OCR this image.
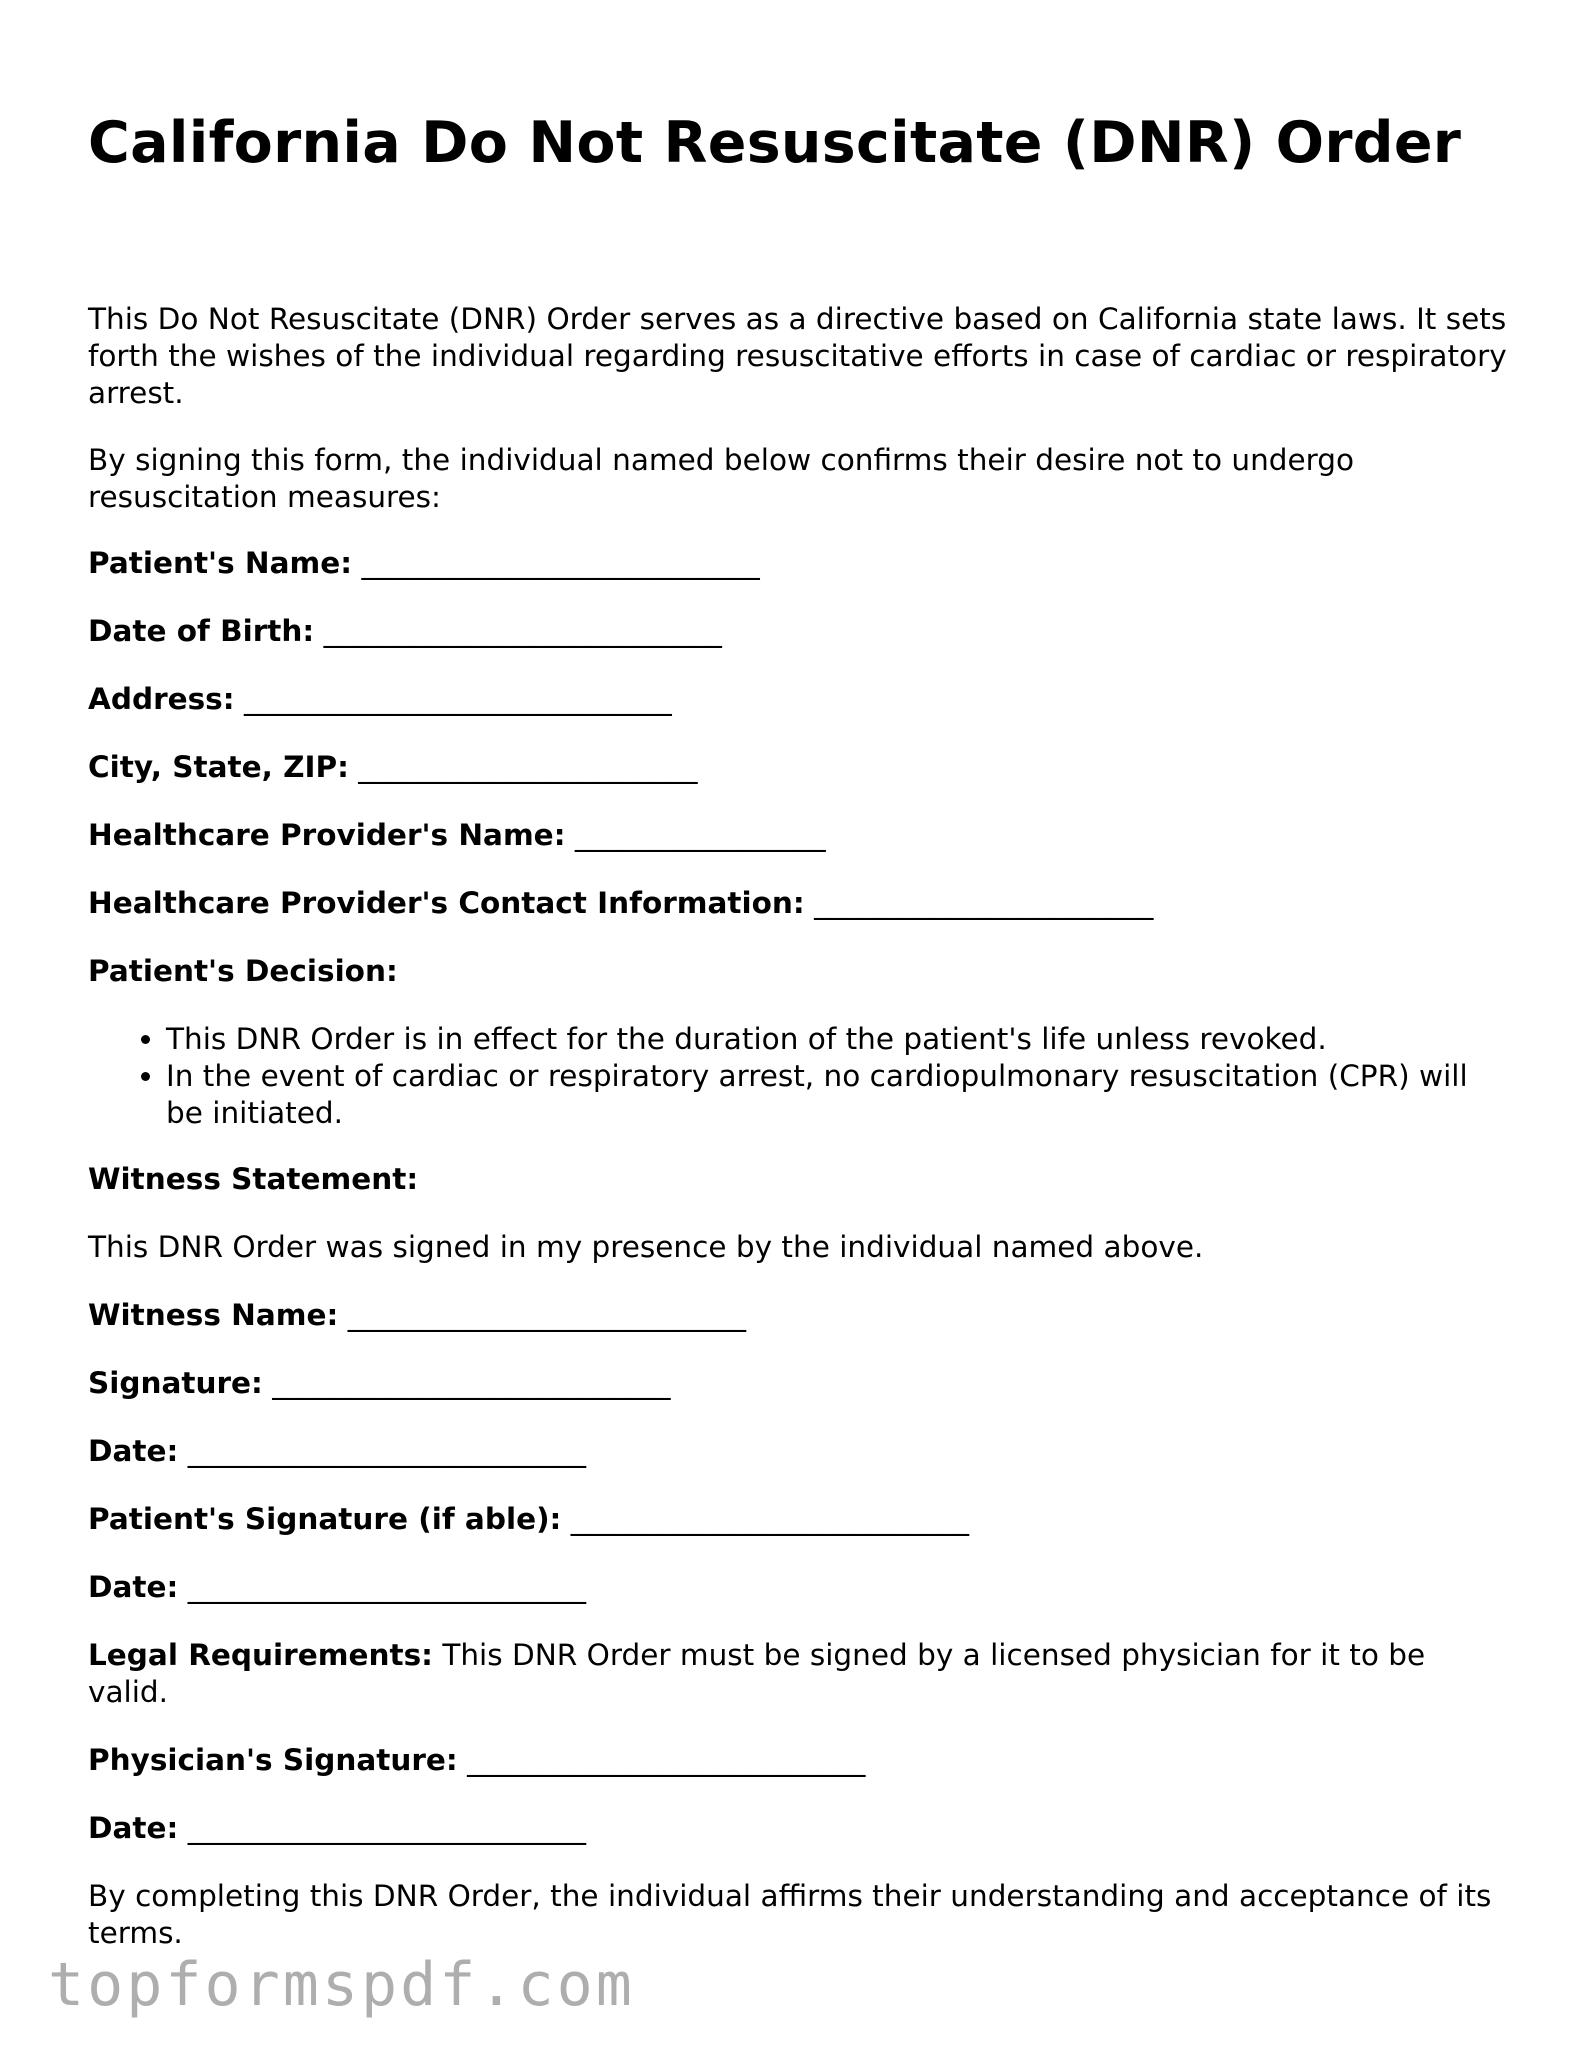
California Do Not Resuscitate (DNR) Order

This Do Not Resuscitate (DNR) Order serves as a directive based on California state laws. It sets forth the wishes of the individual regarding resuscitative efforts in case of cardiac or respiratory arrest.

By signing this form, the individual named below confirms their desire not to undergo resuscitation measures:

Patient's Name: ___________________________
Date of Birth: ___________________________
Address: _____________________________
City, State, ZIP: _______________________
Healthcare Provider's Name: _________________
Healthcare Provider's Contact Information: _______________________
Patient's Decision:
• This DNR Order is in effect for the duration of the patient's life unless revoked.
• In the event of cardiac or respiratory arrest, no cardiopulmonary resuscitation (CPR) will be initiated.
Witness Statement:
This DNR Order was signed in my presence by the individual named above.
Witness Name: ___________________________
Signature: ___________________________
Date: ___________________________
Patient's Signature (if able): ___________________________
Date: ___________________________

Legal Requirements: This DNR Order must be signed by a licensed physician for it to be valid.

Physician's Signature: ___________________________
Date: ___________________________

By completing this DNR Order, the individual affirms their understanding and acceptance of its terms.

topformspdf.com
